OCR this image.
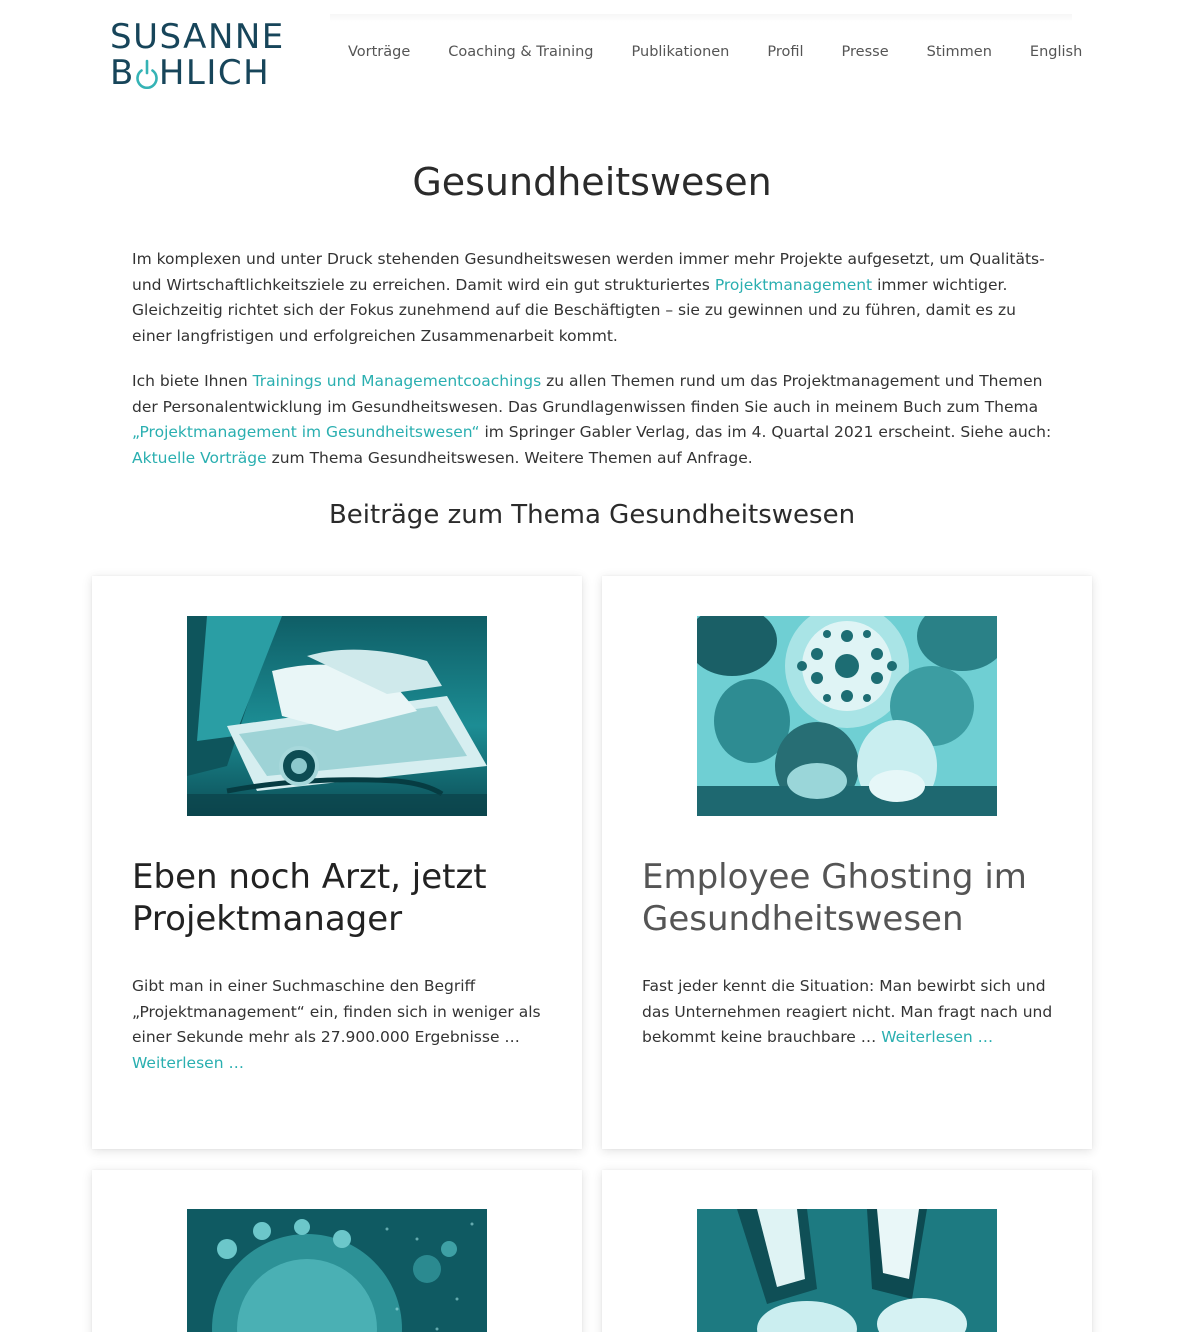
SUSANNE
B HLICH
Vorträge	Coaching & Training	Publikationen	Profil	Presse	Stimmen	English
Gesundheitswesen

Im komplexen und unter Druck stehenden Gesundheitswesen werden immer mehr Projekte aufgesetzt, um Qualitäts- und Wirtschaftlichkeitsziele zu erreichen. Damit wird ein gut strukturiertes Projektmanagement immer wichtiger. Gleichzeitig richtet sich der Fokus zunehmend auf die Beschäftigten – sie zu gewinnen und zu führen, damit es zu einer langfristigen und erfolgreichen Zusammenarbeit kommt.

Ich biete Ihnen Trainings und Managementcoachings zu allen Themen rund um das Projektmanagement und Themen der Personalentwicklung im Gesundheitswesen. Das Grundlagenwissen finden Sie auch in meinem Buch zum Thema „Projektmanagement im Gesundheitswesen“ im Springer Gabler Verlag, das im 4. Quartal 2021 erscheint. Siehe auch: Aktuelle Vorträge zum Thema Gesundheitswesen. Weitere Themen auf Anfrage.

Beiträge zum Thema Gesundheitswesen
Eben noch Arzt, jetzt Projektmanager

Gibt man in einer Suchmaschine den Begriff „Projektmanagement“ ein, finden sich in weniger als einer Sekunde mehr als 27.900.000 Ergebnisse … Weiterlesen …

Employee Ghosting im Gesundheitswesen

Fast jeder kennt die Situation: Man bewirbt sich und das Unternehmen reagiert nicht. Man fragt nach und bekommt keine brauchbare … Weiterlesen …
